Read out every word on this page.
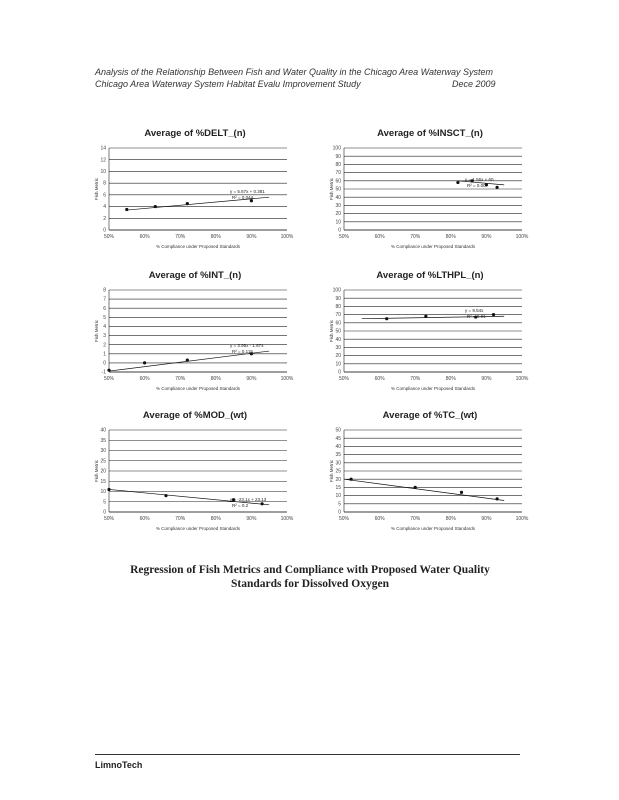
Analysis of the Relationship Between Fish and Water Quality in the Chicago Area Waterway System
Chicago Area Waterway System Habitat Evalu Improvement Study	Dece 2009
Average of %DELT_(n)
0
2
4
6
8
10
12
14
50%	60%	70%	80%	90%	100%
% Compliance under Proposed Standards
Fish Metric	y = 5.67x + 0.381
R² = 0.044
Average of %INSCT_(n)
0
10
20
30
40
50
60
70
80
90
100
50%	60%	70%	80%	90%	100%
% Compliance under Proposed Standards
Fish Metric	y = 1.56x + 60
R² = 0.00
Average of %INT_(n)
-1
0
1
2
3
4
5
6
7
8
50%	60%	70%	80%	90%	100%
% Compliance under Proposed Standards
Fish Metric
y = 3.95x - 1.874
R² = 0.115
Average of %LTHPL_(n)
0
10
20
30
40
50
60
70
80
90
100
50%	60%	70%	80%	90%	100%
% Compliance under Proposed Standards
Fish Metric
y = 9.54x
R² = 0.01
Average of %MOD_(wt)
0
5
10
15
20
25
30
35
40
50%	60%	70%	80%	90%	100%
% Compliance under Proposed Standards
Fish Metric
y = -23.1x + 23.13
R² = 0.2
Average of %TC_(wt)
0
5
10
15
20
25
30
35
40
45
50
50%	60%	70%	80%	90%	100%
% Compliance under Proposed Standards
Fish Metric
Regression of Fish Metrics and Compliance with Proposed Water Quality
Standards for Dissolved Oxygen
LimnoTech
